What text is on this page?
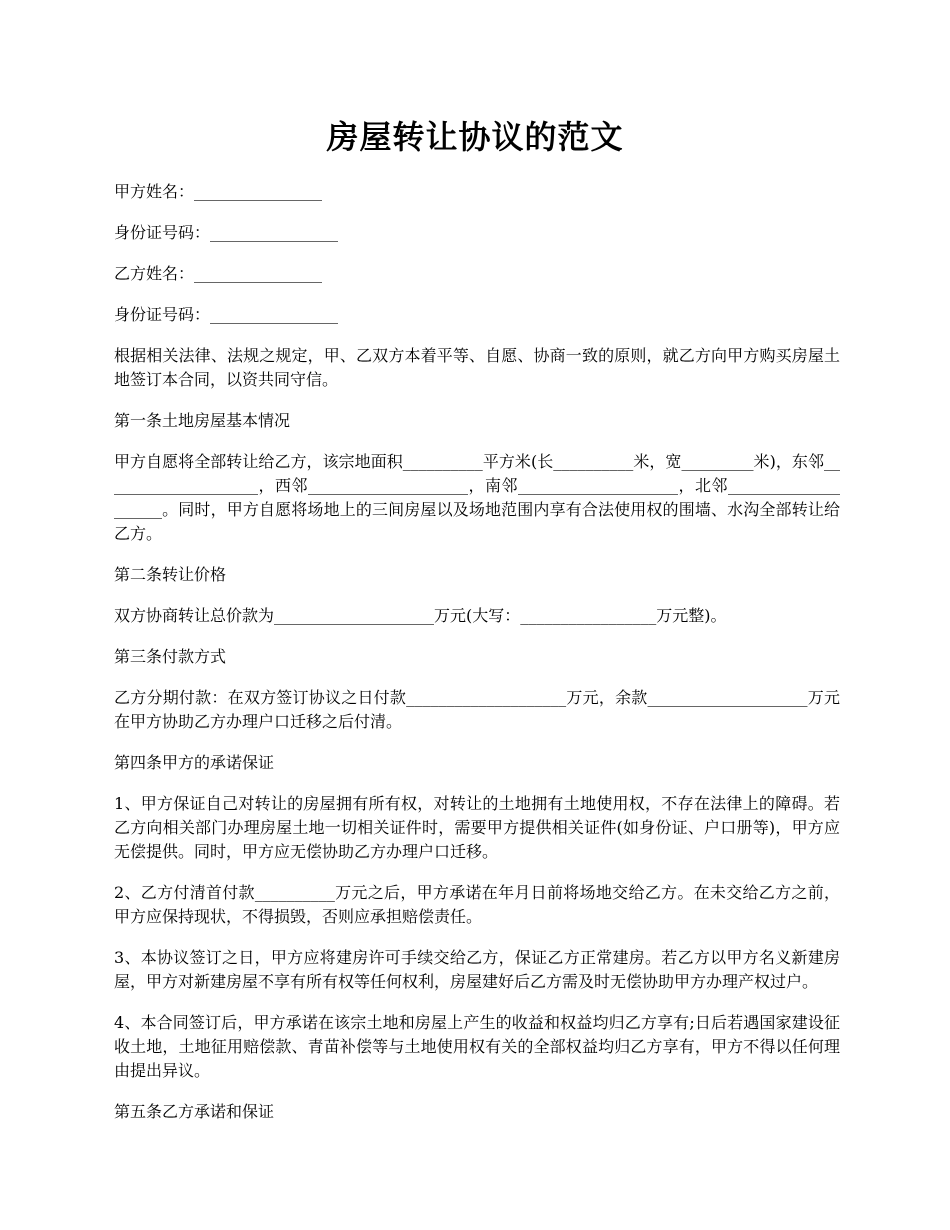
房屋转让协议的范文

甲方姓名：________________

身份证号码：________________

乙方姓名：________________

身份证号码：________________

根据相关法律、法规之规定，甲、乙双方本着平等、自愿、协商一致的原则，就乙方向甲方购买房屋土地签订本合同，以资共同守信。

第一条土地房屋基本情况

甲方自愿将全部转让给乙方，该宗地面积__________平方米(长__________米，宽_________米)，东邻____________________，西邻____________________，南邻____________________，北邻____________________。同时，甲方自愿将场地上的三间房屋以及场地范围内享有合法使用权的围墙、水沟全部转让给乙方。

第二条转让价格

双方协商转让总价款为____________________万元(大写：_________________万元整)。

第三条付款方式

乙方分期付款：在双方签订协议之日付款____________________万元，余款____________________万元在甲方协助乙方办理户口迁移之后付清。

第四条甲方的承诺保证

1、甲方保证自己对转让的房屋拥有所有权，对转让的土地拥有土地使用权，不存在法律上的障碍。若乙方向相关部门办理房屋土地一切相关证件时，需要甲方提供相关证件(如身份证、户口册等)，甲方应无偿提供。同时，甲方应无偿协助乙方办理户口迁移。

2、乙方付清首付款__________万元之后，甲方承诺在年月日前将场地交给乙方。在未交给乙方之前，甲方应保持现状，不得损毁，否则应承担赔偿责任。

3、本协议签订之日，甲方应将建房许可手续交给乙方，保证乙方正常建房。若乙方以甲方名义新建房屋，甲方对新建房屋不享有所有权等任何权利，房屋建好后乙方需及时无偿协助甲方办理产权过户。

4、本合同签订后，甲方承诺在该宗土地和房屋上产生的收益和权益均归乙方享有;日后若遇国家建设征收土地，土地征用赔偿款、青苗补偿等与土地使用权有关的全部权益均归乙方享有，甲方不得以任何理由提出异议。

第五条乙方承诺和保证
